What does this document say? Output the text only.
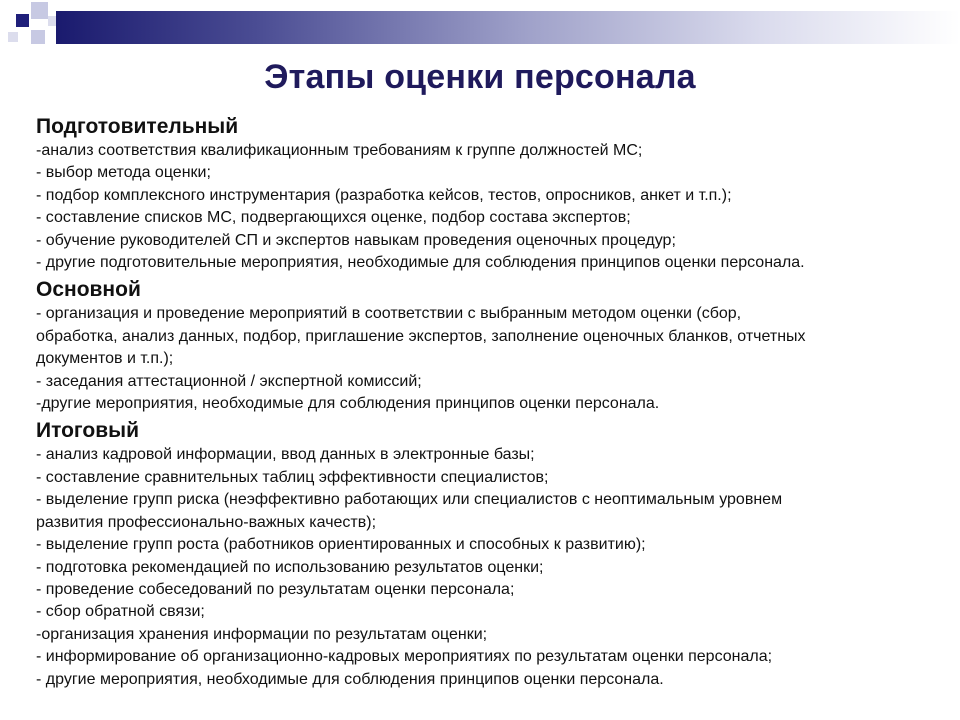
Этапы оценки персонала

Подготовительный

-анализ соответствия квалификационным требованиям к группе должностей МС;

- выбор метода оценки;

- подбор комплексного инструментария (разработка кейсов, тестов, опросников, анкет и т.п.);

- составление списков МС, подвергающихся оценке, подбор состава экспертов;

- обучение руководителей СП и экспертов навыкам проведения оценочных процедур;

- другие подготовительные мероприятия, необходимые для соблюдения принципов оценки персонала.

Основной

- организация и проведение мероприятий в соответствии с выбранным методом оценки (сбор,

обработка, анализ данных, подбор, приглашение экспертов, заполнение оценочных бланков, отчетных

документов и т.п.);

- заседания аттестационной / экспертной комиссий;

-другие мероприятия, необходимые для соблюдения принципов оценки персонала.

Итоговый

- анализ кадровой информации, ввод данных в электронные базы;

- составление сравнительных таблиц эффективности специалистов;

- выделение групп риска (неэффективно работающих или специалистов с неоптимальным уровнем

развития профессионально-важных качеств);

- выделение групп роста (работников ориентированных и способных к развитию);

- подготовка рекомендацией по использованию результатов оценки;

- проведение собеседований по результатам оценки персонала;

- сбор обратной связи;

-организация хранения информации по результатам оценки;

- информирование об организационно-кадровых мероприятиях по результатам оценки персонала;

- другие мероприятия, необходимые для соблюдения принципов оценки персонала.
